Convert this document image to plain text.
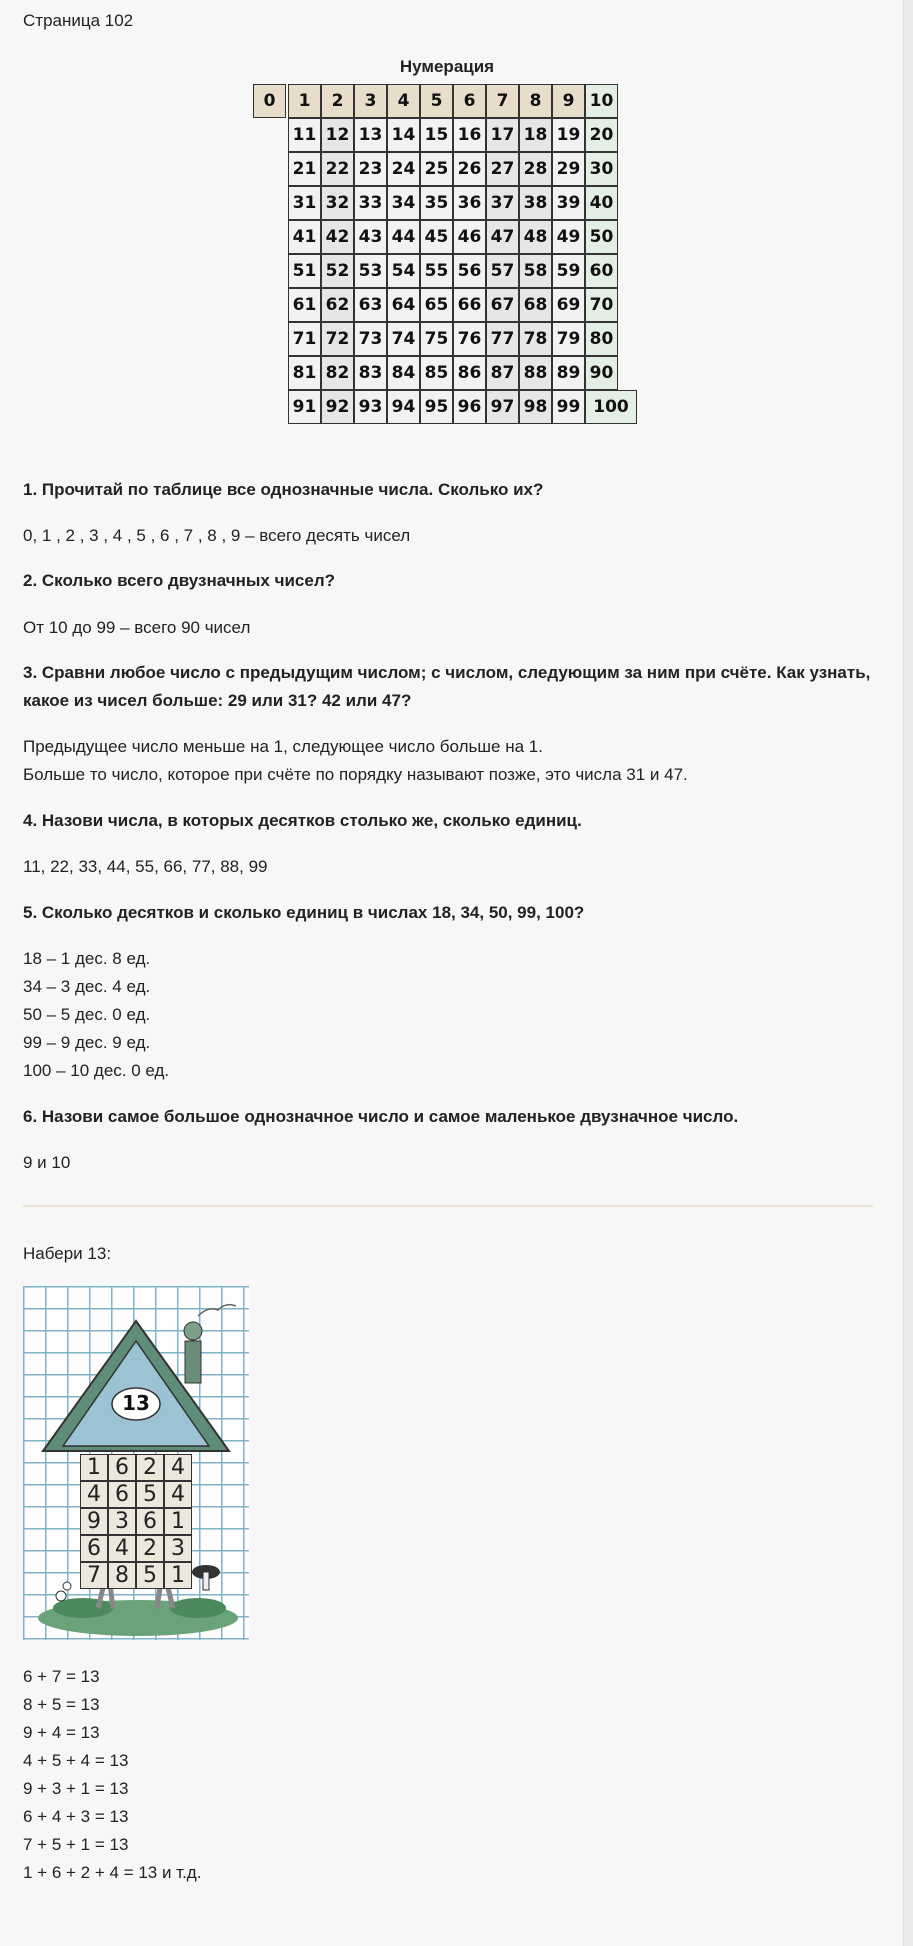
Страница 102
Нумерация
0	1	2	3	4	5	6	7	8	9 10
11 12 13 14 15 16 17 18 19 20
21 22 23 24 25 26 27 28 29 30
31 32 33 34 35 36 37 38 39 40
41 42 43 44 45 46 47 48 49 50
51 52 53 54 55 56 57 58 59 60
61 62 63 64 65 66 67 68 69 70
71 72 73 74 75 76 77 78 79 80
81 82 83 84 85 86 87 88 89 90
91 92 93 94 95 96 97 98 99 100
1. Прочитай по таблице все однозначные числа. Сколько их?
0, 1 , 2 , 3 , 4 , 5 , 6 , 7 , 8 , 9 – всего десять чисел
2. Сколько всего двузначных чисел?
От 10 до 99 – всего 90 чисел
3. Сравни любое число с предыдущим числом; с числом, следующим за ним при счёте. Как узнать, какое из чисел больше: 29 или 31? 42 или 47?
Предыдущее число меньше на 1, следующее число больше на 1.
Больше то число, которое при счёте по порядку называют позже, это числа 31 и 47.
4. Назови числа, в которых десятков столько же, сколько единиц.
11, 22, 33, 44, 55, 66, 77, 88, 99
5. Сколько десятков и сколько единиц в числах 18, 34, 50, 99, 100?
18 – 1 дес. 8 ед.
34 – 3 дес. 4 ед.
50 – 5 дес. 0 ед.
99 – 9 дес. 9 ед.
100 – 10 дес. 0 ед.
6. Назови самое большое однозначное число и самое маленькое двузначное число.
9 и 10
Набери 13:
13
1 6 2 4
4 6 5 4
9 3 6 1
6 4 2 3
7 8 5 1
6 + 7 = 13
8 + 5 = 13
9 + 4 = 13
4 + 5 + 4 = 13
9 + 3 + 1 = 13
6 + 4 + 3 = 13
7 + 5 + 1 = 13
1 + 6 + 2 + 4 = 13 и т.д.
